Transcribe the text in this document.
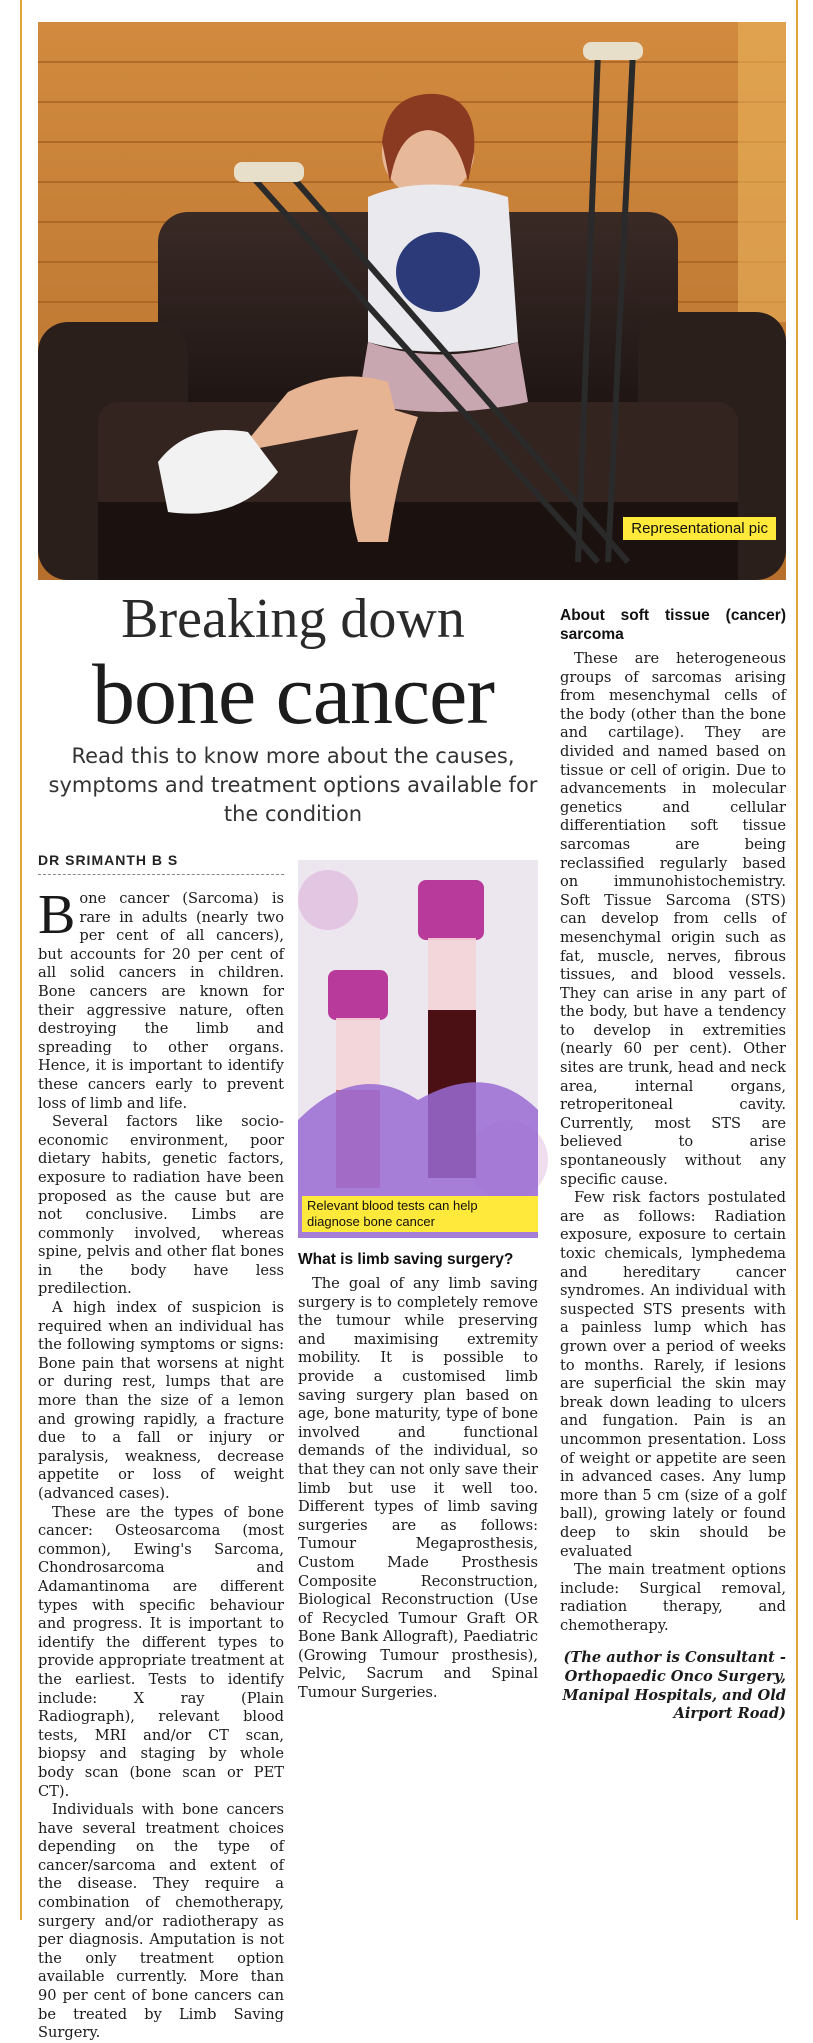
Representational pic
Breaking down
bone cancer
Read this to know more about the causes, symptoms and treatment options available for the condition
DR SRIMANTH B S

Bone cancer (Sarcoma) is rare in adults (nearly two per cent of all cancers), but accounts for 20 per cent of all solid cancers in children. Bone cancers are known for their aggressive nature, often destroying the limb and spreading to other organs. Hence, it is important to identify these cancers early to prevent loss of limb and life.

Several factors like socio-economic environment, poor dietary habits, genetic factors, exposure to radiation have been proposed as the cause but are not conclusive. Limbs are commonly involved, whereas spine, pelvis and other flat bones in the body have less predilection.

A high index of suspicion is required when an individual has the following symptoms or signs: Bone pain that worsens at night or during rest, lumps that are more than the size of a lemon and growing rapidly, a fracture due to a fall or injury or paralysis, weakness, decrease appetite or loss of weight (advanced cases).

These are the types of bone cancer: Osteosarcoma (most common), Ewing's Sarcoma, Chondrosarcoma and Adamantinoma are different types with specific behaviour and progress. It is important to identify the different types to provide appropriate treatment at the earliest. Tests to identify include: X ray (Plain Radiograph), relevant blood tests, MRI and/or CT scan, biopsy and staging by whole body scan (bone scan or PET CT).

Individuals with bone cancers have several treatment choices depending on the type of cancer/sarcoma and extent of the disease. They require a combination of chemotherapy, surgery and/or radiotherapy as per diagnosis. Amputation is not the only treatment option available currently. More than 90 per cent of bone cancers can be treated by Limb Saving Surgery.

Relevant blood tests can help diagnose bone cancer
What is limb saving surgery?

The goal of any limb saving surgery is to completely remove the tumour while preserving and maximising extremity mobility. It is possible to provide a customised limb saving surgery plan based on age, bone maturity, type of bone involved and functional demands of the individual, so that they can not only save their limb but use it well too. Different types of limb saving surgeries are as follows: Tumour Megaprosthesis, Custom Made Prosthesis Composite Reconstruction, Biological Reconstruction (Use of Recycled Tumour Graft OR Bone Bank Allograft), Paediatric (Growing Tumour prosthesis), Pelvic, Sacrum and Spinal Tumour Surgeries.

About soft tissue (cancer) sarcoma

These are heterogeneous groups of sarcomas arising from mesenchymal cells of the body (other than the bone and cartilage). They are divided and named based on tissue or cell of origin. Due to advancements in molecular genetics and cellular differentiation soft tissue sarcomas are being reclassified regularly based on immunohistochemistry. Soft Tissue Sarcoma (STS) can develop from cells of mesenchymal origin such as fat, muscle, nerves, fibrous tissues, and blood vessels. They can arise in any part of the body, but have a tendency to develop in extremities (nearly 60 per cent). Other sites are trunk, head and neck area, internal organs, retroperitoneal cavity. Currently, most STS are believed to arise spontaneously without any specific cause.

Few risk factors postulated are as follows: Radiation exposure, exposure to certain toxic chemicals, lymphedema and hereditary cancer syndromes. An individual with suspected STS presents with a painless lump which has grown over a period of weeks to months. Rarely, if lesions are superficial the skin may break down leading to ulcers and fungation. Pain is an uncommon presentation. Loss of weight or appetite are seen in advanced cases. Any lump more than 5 cm (size of a golf ball), growing lately or found deep to skin should be evaluated

The main treatment options include: Surgical removal, radiation therapy, and chemotherapy.

(The author is Consultant - Orthopaedic Onco Surgery, Manipal Hospitals, and Old Airport Road)
